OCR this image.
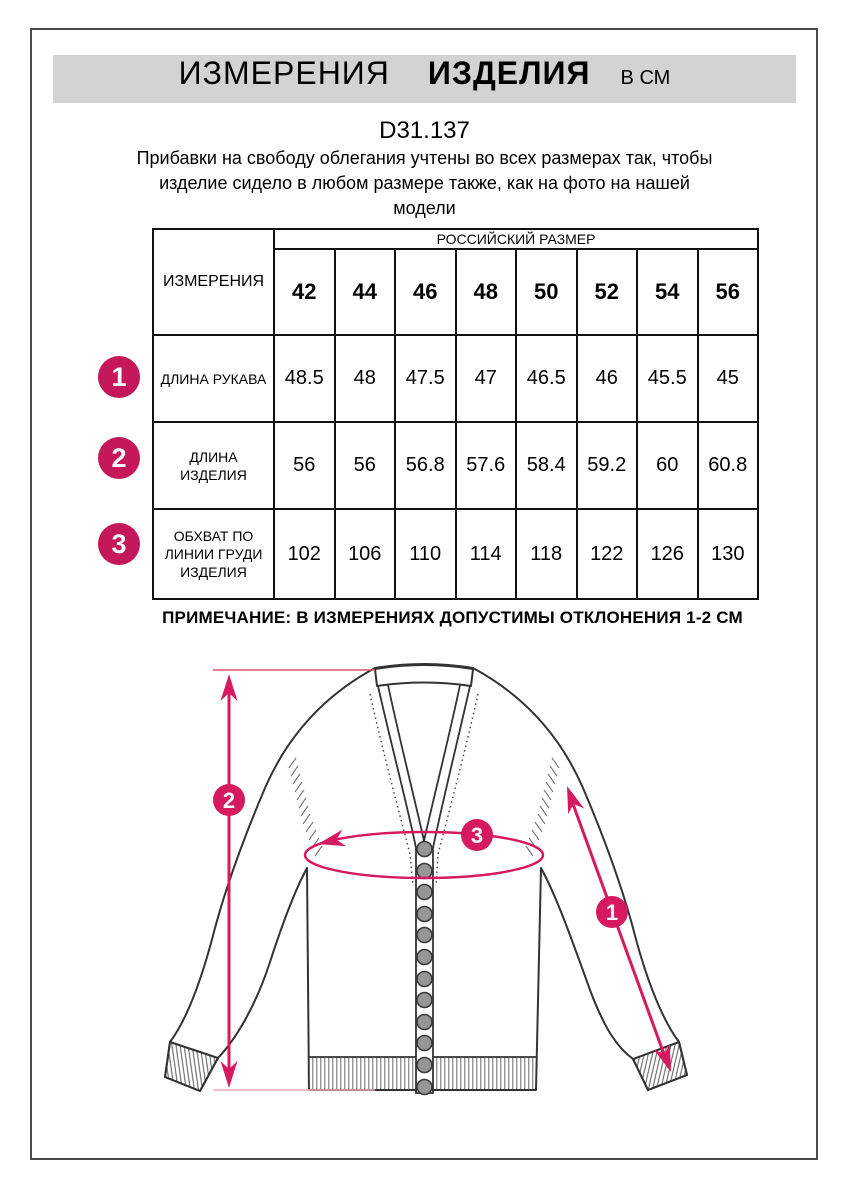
ИЗМЕРЕНИЯ ИЗДЕЛИЯ В СМ
D31.137
Прибавки на свободу облегания учтены во всех размерах так, чтобы
изделие сидело в любом размере также, как на фото на нашей
модели
ИЗМЕРЕНИЯ	РОССИЙСКИЙ РАЗМЕР							
	42	44	46	48	50	52	54	56

ДЛИНА РУКАВА	48.5	48	47.5	47	46.5	46	45.5	45

ДЛИНА
ИЗДЕЛИЯ	56	56	56.8	57.6	58.4	59.2	60	60.8

ОБХВАТ ПО
ЛИНИИ ГРУДИ
ИЗДЕЛИЯ	102	106	110	114	118	122	126	130
1
2
3
ПРИМЕЧАНИЕ: В ИЗМЕРЕНИЯХ ДОПУСТИМЫ ОТКЛОНЕНИЯ 1-2 СМ
2
1
3
